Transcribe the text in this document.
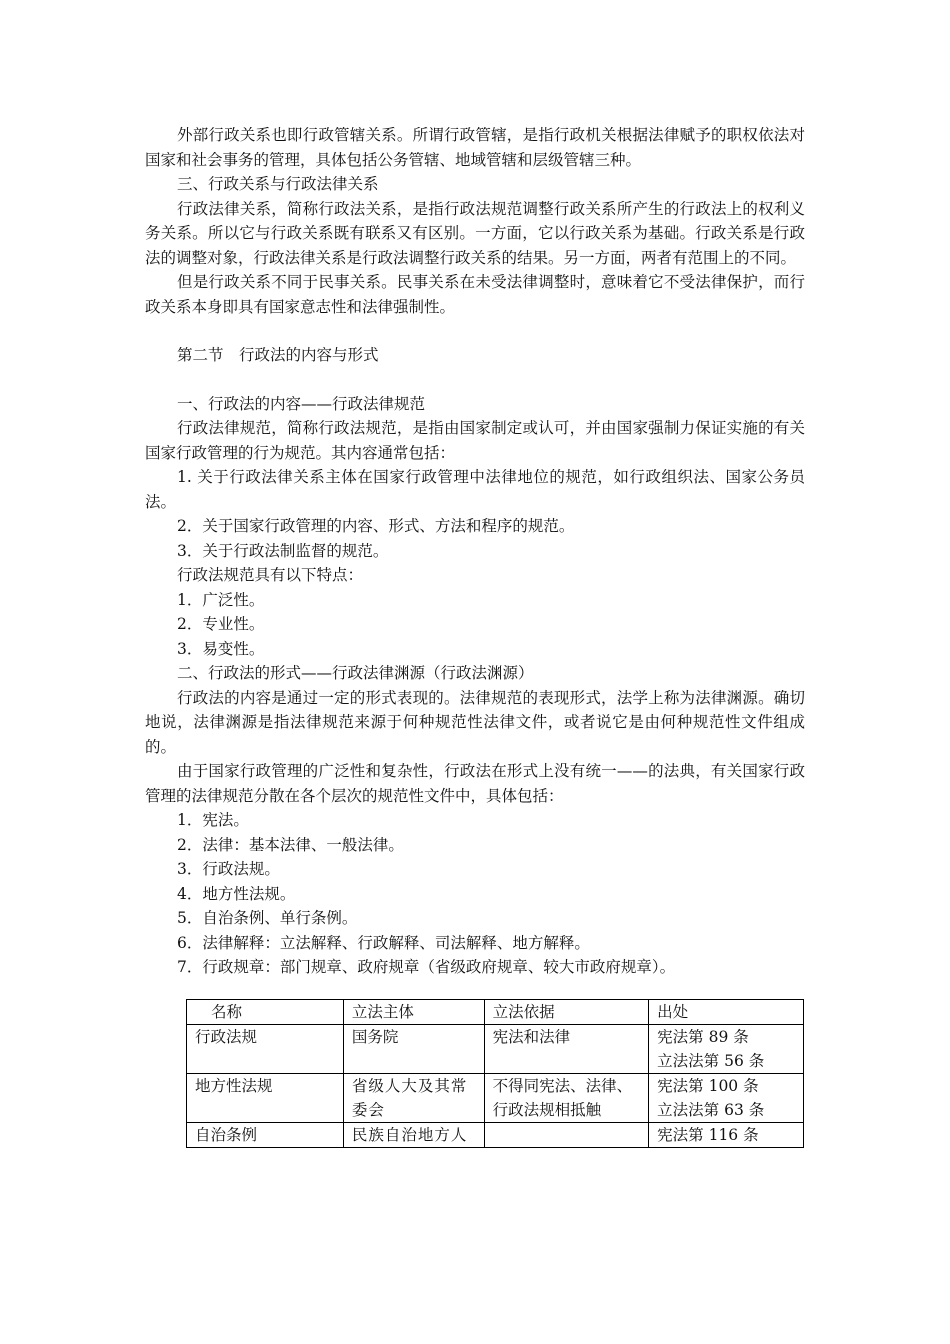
外部行政关系也即行政管辖关系。所谓行政管辖，是指行政机关根据法律赋予的职权依法对国家和社会事务的管理，具体包括公务管辖、地域管辖和层级管辖三种。

三、行政关系与行政法律关系

行政法律关系，简称行政法关系，是指行政法规范调整行政关系所产生的行政法上的权利义务关系。所以它与行政关系既有联系又有区别。一方面，它以行政关系为基础。行政关系是行政法的调整对象，行政法律关系是行政法调整行政关系的结果。另一方面，两者有范围上的不同。

但是行政关系不同于民事关系。民事关系在未受法律调整时，意味着它不受法律保护，而行政关系本身即具有国家意志性和法律强制性。

第二节　行政法的内容与形式

一、行政法的内容——行政法律规范

行政法律规范，简称行政法规范，是指由国家制定或认可，并由国家强制力保证实施的有关国家行政管理的行为规范。其内容通常包括：

1. 关于行政法律关系主体在国家行政管理中法律地位的规范，如行政组织法、国家公务员法。

2．关于国家行政管理的内容、形式、方法和程序的规范。

3．关于行政法制监督的规范。

行政法规范具有以下特点：

1．广泛性。

2．专业性。

3．易变性。

二、行政法的形式——行政法律渊源（行政法渊源）

行政法的内容是通过一定的形式表现的。法律规范的表现形式，法学上称为法律渊源。确切地说，法律渊源是指法律规范来源于何种规范性法律文件，或者说它是由何种规范性文件组成的。

由于国家行政管理的广泛性和复杂性，行政法在形式上没有统一——的法典，有关国家行政管理的法律规范分散在各个层次的规范性文件中，具体包括：

1．宪法。

2．法律：基本法律、一般法律。

3．行政法规。

4．地方性法规。

5．自治条例、单行条例。

6．法律解释：立法解释、行政解释、司法解释、地方解释。

7．行政规章：部门规章、政府规章（省级政府规章、较大市政府规章）。

名称	立法主体	立法依据	出处
行政法规	国务院	宪法和法律	宪法第 89 条
立法法第 56 条

地方性法规	省级人大及其常委会	不得同宪法、法律、行政法规相抵触	宪法第 100 条
立法法第 63 条

自治条例	民族自治地方人		宪法第 116 条
